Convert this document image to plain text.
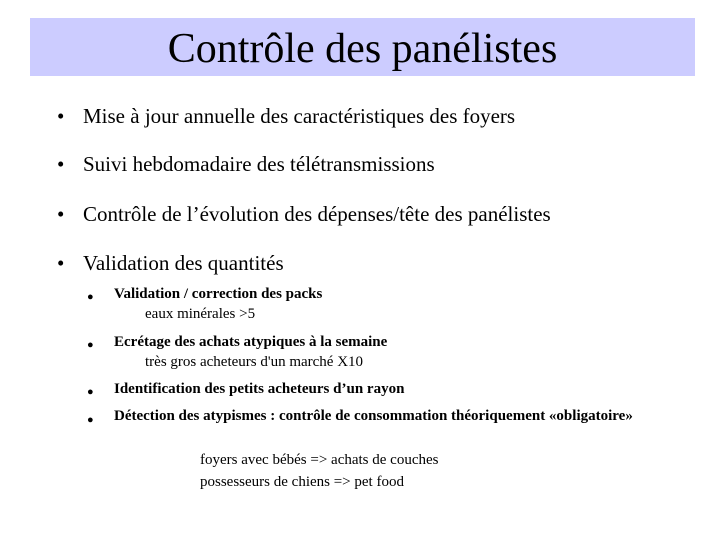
Contrôle des panélistes
• Mise à jour annuelle des caractéristiques des foyers
• Suivi hebdomadaire des télétransmissions
• Contrôle de l’évolution des dépenses/tête des panélistes
• Validation des quantités
● Validation / correction des packs
eaux minérales >5
● Ecrétage des achats atypiques à la semaine
très gros acheteurs d'un marché X10
● Identification des petits acheteurs d’un rayon
● Détection des atypismes : contrôle de consommation théoriquement «obligatoire»
foyers avec bébés => achats de couches
possesseurs de chiens => pet food
